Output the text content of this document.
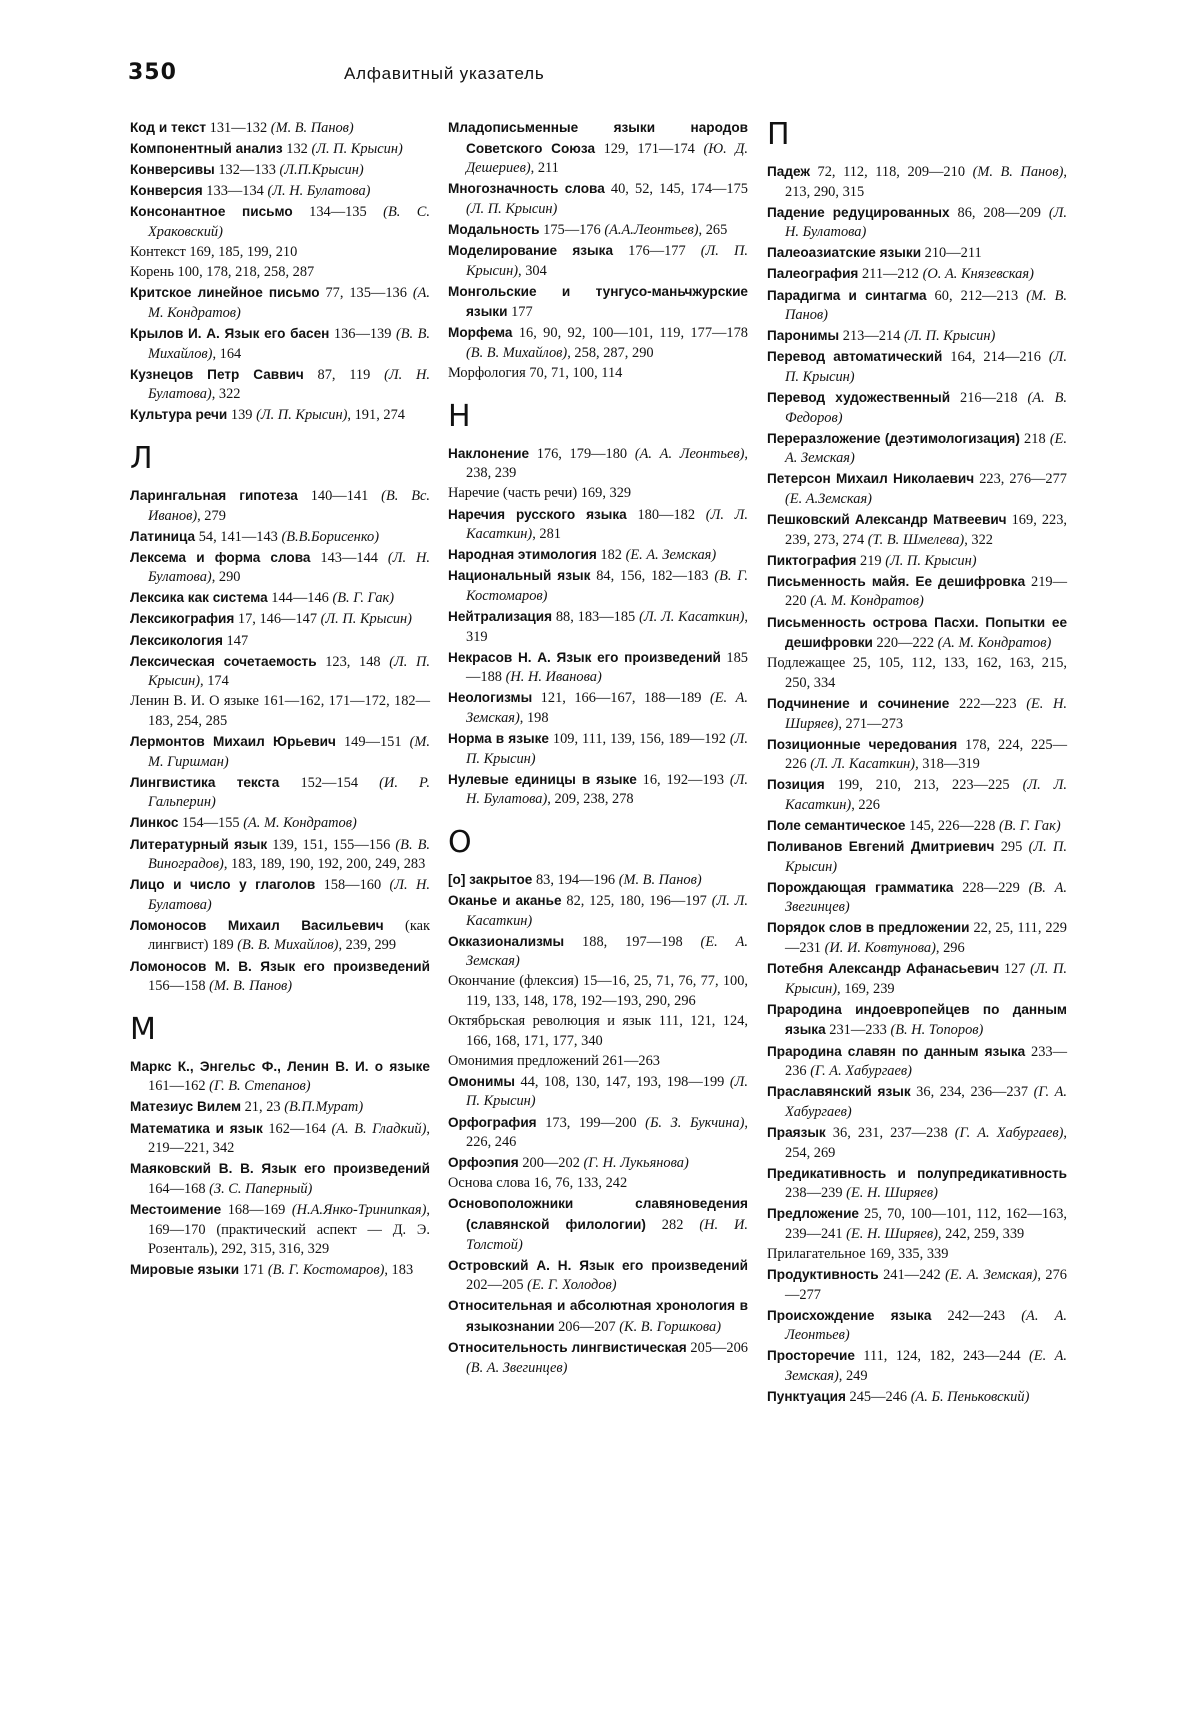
350	Алфавитный указатель
Код и текст 131—132 (М. В. Панов)
Компонентный анализ 132 (Л. П. Крысин)
Конверсивы 132—133 (Л.П.Крысин)
Конверсия 133—134 (Л. Н. Булатова)
Консонантное письмо 134—135 (В. С. Храковский)
Контекст 169, 185, 199, 210
Корень 100, 178, 218, 258, 287
Критское линейное письмо 77, 135—136 (А. М. Кондратов)
Крылов И. А. Язык его басен 136—139 (В. В. Михайлов), 164
Кузнецов Петр Саввич 87, 119 (Л. Н. Булатова), 322
Культура речи 139 (Л. П. Крысин), 191, 274
Л
Ларингальная гипотеза 140—141 (В. Вс. Иванов), 279
Латиница 54, 141—143 (В.В.Борисенко)
Лексема и форма слова 143—144 (Л. Н. Булатова), 290
Лексика как система 144—146 (В. Г. Гак)
Лексикография 17, 146—147 (Л. П. Крысин)
Лексикология 147
Лексическая сочетаемость 123, 148 (Л. П. Крысин), 174
Ленин В. И. О языке 161—162, 171—172, 182—183, 254, 285
Лермонтов Михаил Юрьевич 149—151 (М. М. Гиршман)
Лингвистика текста 152—154 (И. Р. Гальперин)
Линкос 154—155 (А. М. Кондратов)
Литературный язык 139, 151, 155—156 (В. В. Виноградов), 183, 189, 190, 192, 200, 249, 283
Лицо и число у глаголов 158—160 (Л. Н. Булатова)
Ломоносов Михаил Васильевич (как лингвист) 189 (В. В. Михайлов), 239, 299
Ломоносов М. В. Язык его произведений 156—158 (М. В. Панов)
М
Маркс К., Энгельс Ф., Ленин В. И. о языке 161—162 (Г. В. Степанов)
Матезиус Вилем 21, 23 (В.П.Мурат)
Математика и язык 162—164 (А. В. Гладкий), 219—221, 342
Маяковский В. В. Язык его произведений 164—168 (З. С. Паперный)
Местоимение 168—169 (Н.А.Янко-Тринипкая), 169—170 (практический аспект — Д. Э. Розенталь), 292, 315, 316, 329
Мировые языки 171 (В. Г. Костомаров), 183
Младописьменные языки народов Советского Союза 129, 171—174 (Ю. Д. Дешериев), 211
Многозначность слова 40, 52, 145, 174—175 (Л. П. Крысин)
Модальность 175—176 (А.А.Леонтьев), 265
Моделирование языка 176—177 (Л. П. Крысин), 304
Монгольские и тунгусо-маньчжурские языки 177
Морфема 16, 90, 92, 100—101, 119, 177—178 (В. В. Михайлов), 258, 287, 290
Морфология 70, 71, 100, 114
Н
Наклонение 176, 179—180 (А. А. Леонтьев), 238, 239
Наречие (часть речи) 169, 329
Наречия русского языка 180—182 (Л. Л. Касаткин), 281
Народная этимология 182 (Е. А. Земская)
Национальный язык 84, 156, 182—183 (В. Г. Костомаров)
Нейтрализация 88, 183—185 (Л. Л. Касаткин), 319
Некрасов Н. А. Язык его произведений 185—188 (Н. Н. Иванова)
Неологизмы 121, 166—167, 188—189 (Е. А. Земская), 198
Норма в языке 109, 111, 139, 156, 189—192 (Л. П. Крысин)
Нулевые единицы в языке 16, 192—193 (Л. Н. Булатова), 209, 238, 278
О
[о] закрытое 83, 194—196 (М. В. Панов)
Оканье и аканье 82, 125, 180, 196—197 (Л. Л. Касаткин)
Окказионализмы 188, 197—198 (Е. А. Земская)
Окончание (флексия) 15—16, 25, 71, 76, 77, 100, 119, 133, 148, 178, 192—193, 290, 296
Октябрьская революция и язык 111, 121, 124, 166, 168, 171, 177, 340
Омонимия предложений 261—263
Омонимы 44, 108, 130, 147, 193, 198—199 (Л. П. Крысин)
Орфография 173, 199—200 (Б. З. Букчина), 226, 246
Орфоэпия 200—202 (Г. Н. Лукьянова)
Основа слова 16, 76, 133, 242
Основоположники славяноведения (славянской филологии) 282 (Н. И. Толстой)
Островский А. Н. Язык его произведений 202—205 (Е. Г. Холодов)
Относительная и абсолютная хронология в языкознании 206—207 (К. В. Горшкова)
Относительность лингвистическая 205—206 (В. А. Звегинцев)
П
Падеж 72, 112, 118, 209—210 (М. В. Панов), 213, 290, 315
Падение редуцированных 86, 208—209 (Л. Н. Булатова)
Палеоазиатские языки 210—211
Палеография 211—212 (О. А. Князевская)
Парадигма и синтагма 60, 212—213 (М. В. Панов)
Паронимы 213—214 (Л. П. Крысин)
Перевод автоматический 164, 214—216 (Л. П. Крысин)
Перевод художественный 216—218 (А. В. Федоров)
Переразложение (деэтимологизация) 218 (Е. А. Земская)
Петерсон Михаил Николаевич 223, 276—277 (Е. А.Земская)
Пешковский Александр Матвеевич 169, 223, 239, 273, 274 (Т. В. Шмелева), 322
Пиктография 219 (Л. П. Крысин)
Письменность майя. Ее дешифровка 219—220 (А. М. Кондратов)
Письменность острова Пасхи. Попытки ее дешифровки 220—222 (А. М. Кондратов)
Подлежащее 25, 105, 112, 133, 162, 163, 215, 250, 334
Подчинение и сочинение 222—223 (Е. Н. Ширяев), 271—273
Позиционные чередования 178, 224, 225—226 (Л. Л. Касаткин), 318—319
Позиция 199, 210, 213, 223—225 (Л. Л. Касаткин), 226
Поле семантическое 145, 226—228 (В. Г. Гак)
Поливанов Евгений Дмитриевич 295 (Л. П. Крысин)
Порождающая грамматика 228—229 (В. А. Звегинцев)
Порядок слов в предложении 22, 25, 111, 229—231 (И. И. Ковтунова), 296
Потебня Александр Афанасьевич 127 (Л. П. Крысин), 169, 239
Прародина индоевропейцев по данным языка 231—233 (В. Н. Топоров)
Прародина славян по данным языка 233—236 (Г. А. Хабургаев)
Праславянский язык 36, 234, 236—237 (Г. А. Хабургаев)
Праязык 36, 231, 237—238 (Г. А. Хабургаев), 254, 269
Предикативность и полупредикативность 238—239 (Е. Н. Ширяев)
Предложение 25, 70, 100—101, 112, 162—163, 239—241 (Е. Н. Ширяев), 242, 259, 339
Прилагательное 169, 335, 339
Продуктивность 241—242 (Е. А. Земская), 276—277
Происхождение языка 242—243 (А. А. Леонтьев)
Просторечие 111, 124, 182, 243—244 (Е. А. Земская), 249
Пунктуация 245—246 (А. Б. Пеньковский)
